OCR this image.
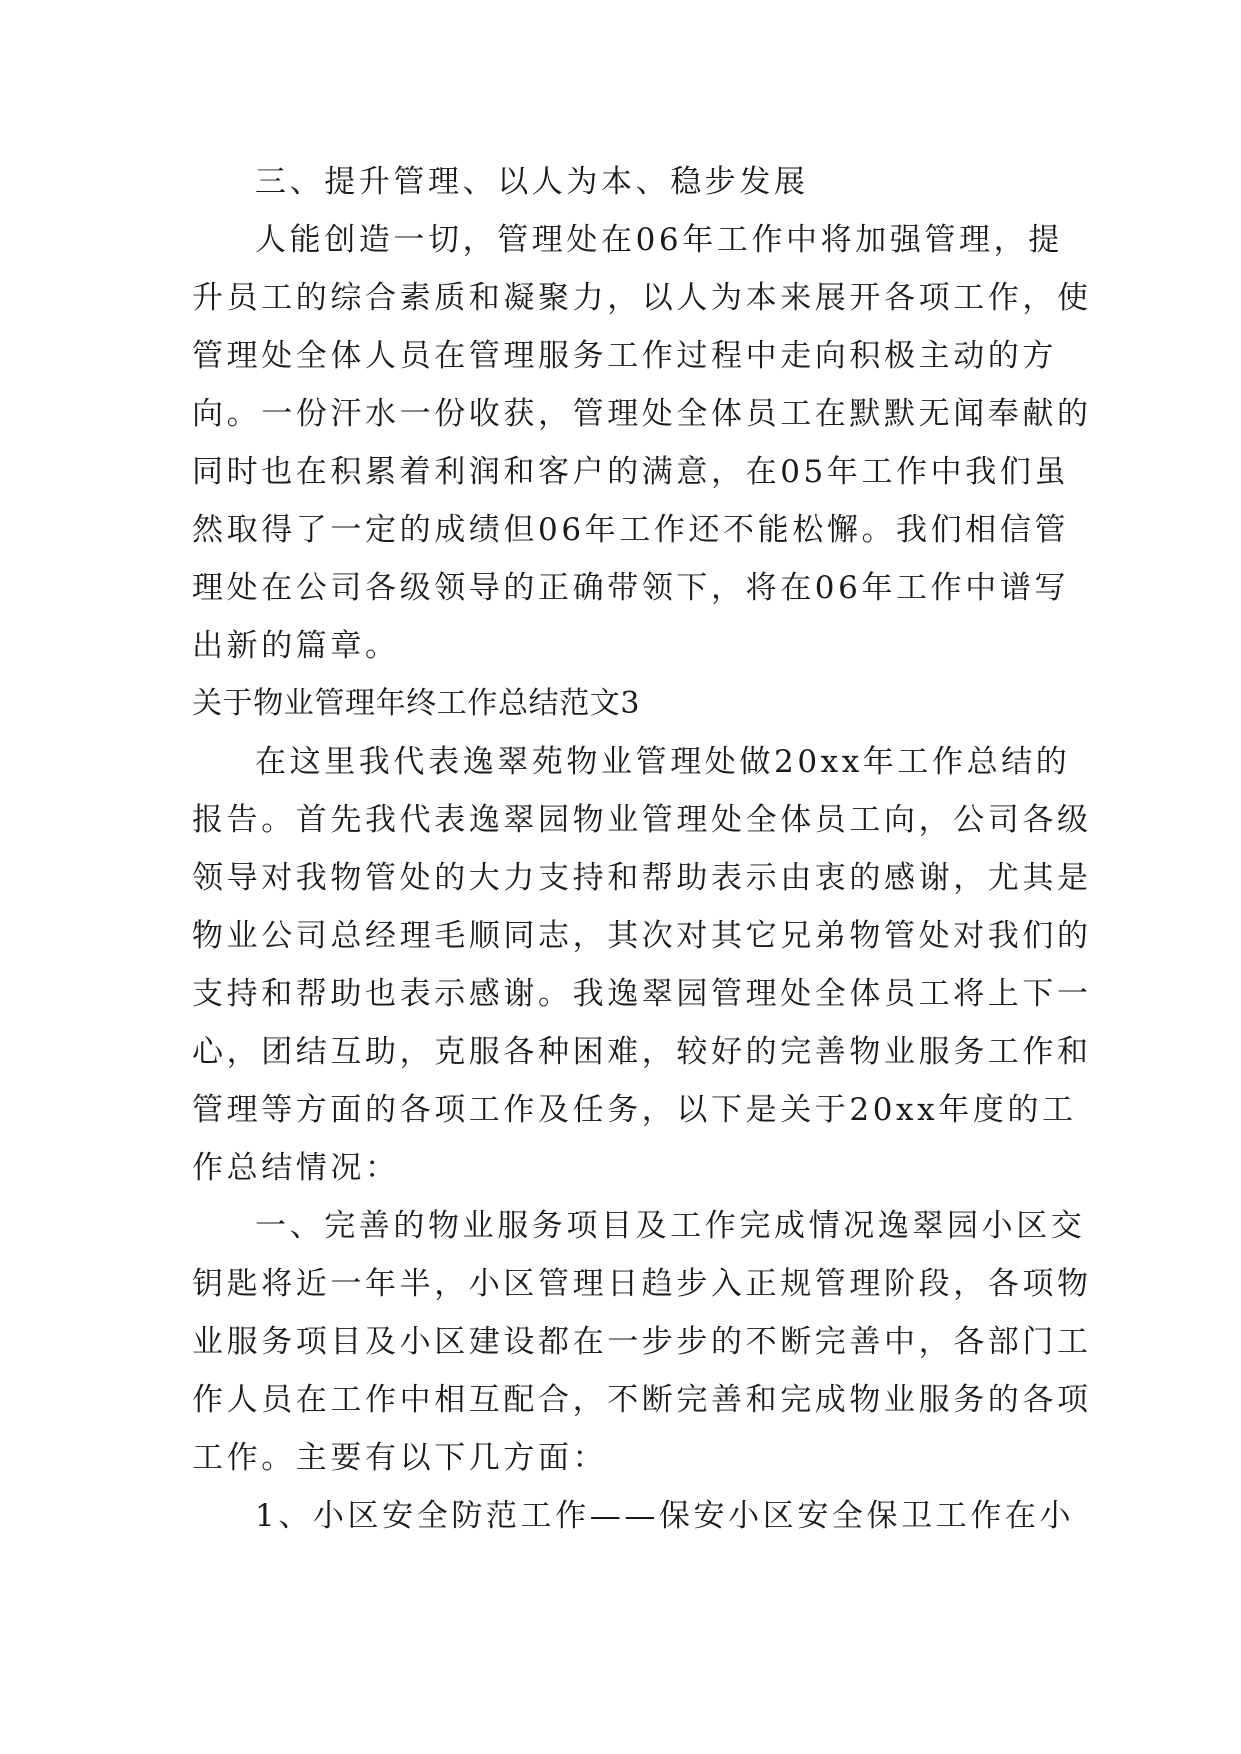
三、提升管理、以人为本、稳步发展
人能创造一切，管理处在06年工作中将加强管理，提
升员工的综合素质和凝聚力，以人为本来展开各项工作，使
管理处全体人员在管理服务工作过程中走向积极主动的方
向。一份汗水一份收获，管理处全体员工在默默无闻奉献的
同时也在积累着利润和客户的满意，在05年工作中我们虽
然取得了一定的成绩但06年工作还不能松懈。我们相信管
理处在公司各级领导的正确带领下，将在06年工作中谱写
出新的篇章。
关于物业管理年终工作总结范文3
在这里我代表逸翠苑物业管理处做20xx年工作总结的
报告。首先我代表逸翠园物业管理处全体员工向，公司各级
领导对我物管处的大力支持和帮助表示由衷的感谢，尤其是
物业公司总经理毛顺同志，其次对其它兄弟物管处对我们的
支持和帮助也表示感谢。我逸翠园管理处全体员工将上下一
心，团结互助，克服各种困难，较好的完善物业服务工作和
管理等方面的各项工作及任务，以下是关于20xx年度的工
作总结情况：
一、完善的物业服务项目及工作完成情况逸翠园小区交
钥匙将近一年半，小区管理日趋步入正规管理阶段，各项物
业服务项目及小区建设都在一步步的不断完善中，各部门工
作人员在工作中相互配合，不断完善和完成物业服务的各项
工作。主要有以下几方面：
1、小区安全防范工作——保安小区安全保卫工作在小
